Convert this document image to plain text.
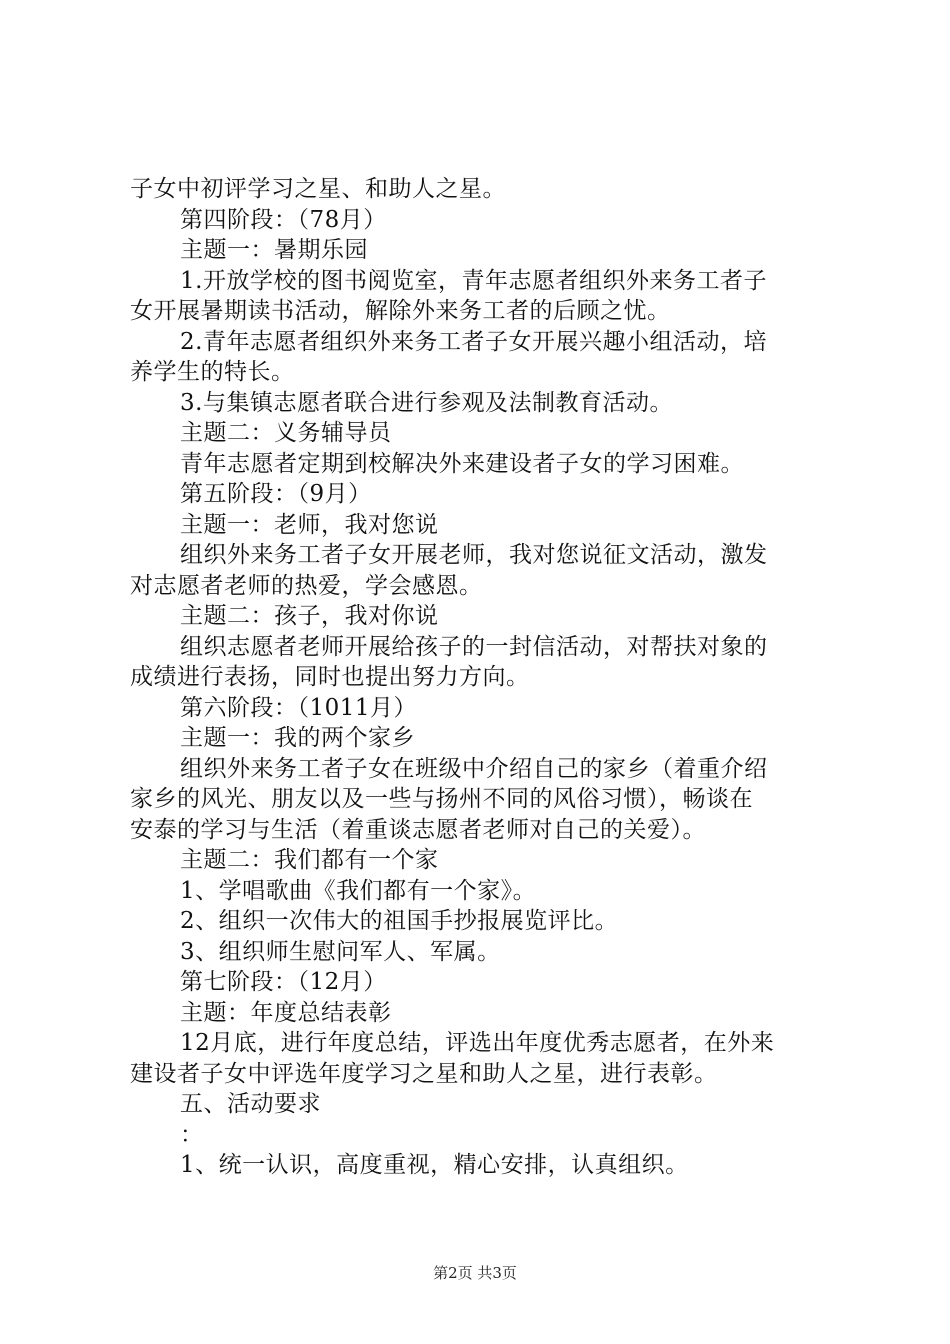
子女中初评学习之星、和助人之星。
第四阶段：（78月）
主题一：暑期乐园
1.开放学校的图书阅览室，青年志愿者组织外来务工者子
女开展暑期读书活动，解除外来务工者的后顾之忧。
2.青年志愿者组织外来务工者子女开展兴趣小组活动，培
养学生的特长。
3.与集镇志愿者联合进行参观及法制教育活动。
主题二：义务辅导员
青年志愿者定期到校解决外来建设者子女的学习困难。
第五阶段：（9月）
主题一：老师，我对您说
组织外来务工者子女开展老师，我对您说征文活动，激发
对志愿者老师的热爱，学会感恩。
主题二：孩子，我对你说
组织志愿者老师开展给孩子的一封信活动，对帮扶对象的
成绩进行表扬，同时也提出努力方向。
第六阶段：（1011月）
主题一：我的两个家乡
组织外来务工者子女在班级中介绍自己的家乡（着重介绍
家乡的风光、朋友以及一些与扬州不同的风俗习惯），畅谈在
安泰的学习与生活（着重谈志愿者老师对自己的关爱）。
主题二：我们都有一个家
1、学唱歌曲《我们都有一个家》。
2、组织一次伟大的祖国手抄报展览评比。
3、组织师生慰问军人、军属。
第七阶段：（12月）
主题：年度总结表彰
12月底，进行年度总结，评选出年度优秀志愿者，在外来
建设者子女中评选年度学习之星和助人之星，进行表彰。
五、活动要求
：
1、统一认识，高度重视，精心安排，认真组织。
第2页 共3页
